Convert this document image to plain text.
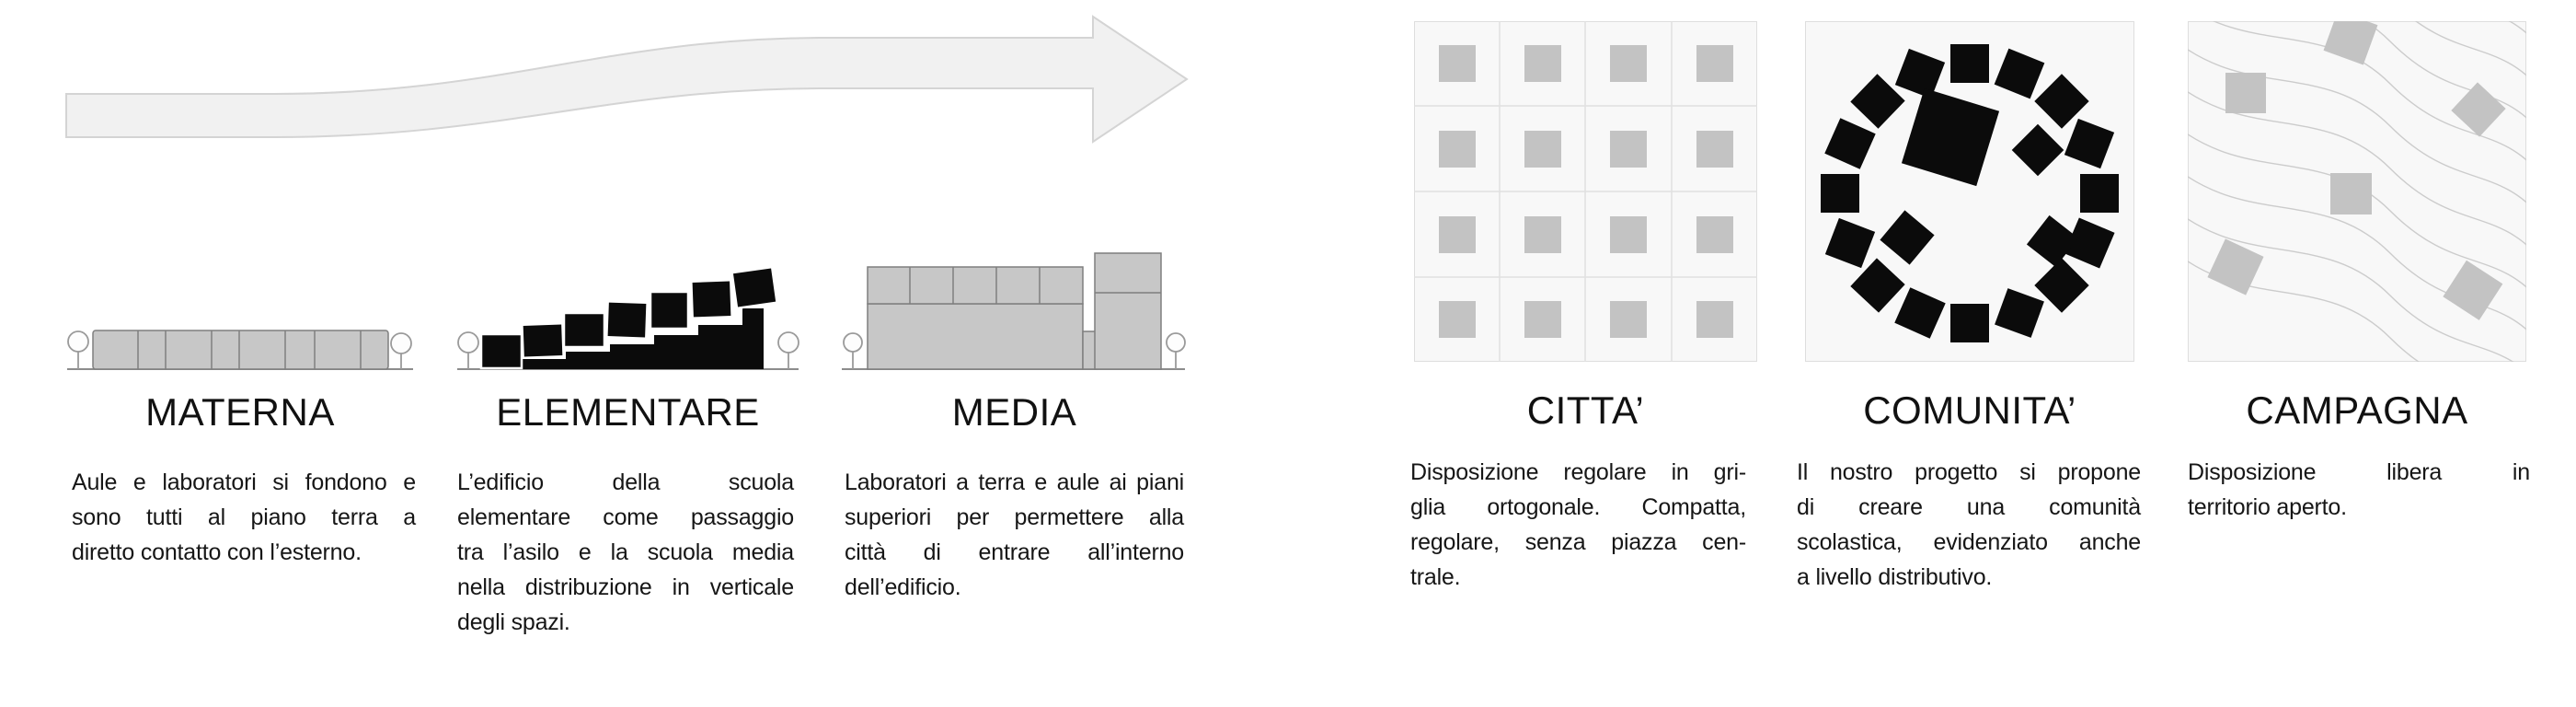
MATERNA
Aule e laboratori si fondono e
sono tutti al piano terra a
diretto contatto con l’esterno.
ELEMENTARE
L’edificio della scuola
elementare come passaggio
tra l’asilo e la scuola media
nella distribuzione in verticale
degli spazi.
MEDIA
Laboratori a terra e aule ai piani
superiori per permettere alla
città di entrare all’interno
dell’edificio.
CITTA’
Disposizione regolare in gri-
glia ortogonale. Compatta,
regolare, senza piazza cen-
trale.
COMUNITA’
Il nostro progetto si propone
di creare una comunità
scolastica, evidenziato anche
a livello distributivo.
CAMPAGNA
Disposizione libera in
territorio aperto.
